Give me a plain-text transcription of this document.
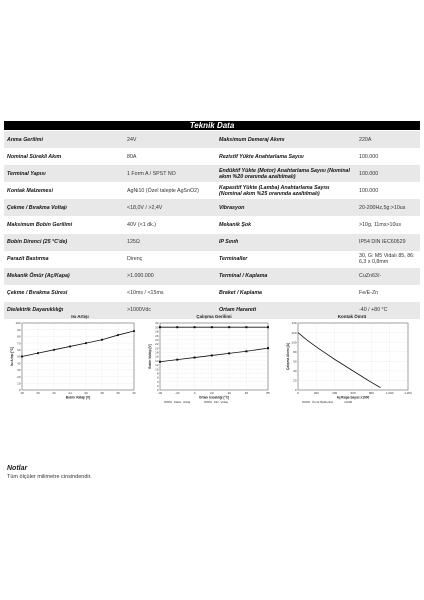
Teknik Data
Anma Gerilimi	24V	Maksimum Demeraj Akımı	220A
Nominal Sürekli Akım	80A	Rezistif Yükte Anahtarlama Sayısı	100.000
Terminal Yapısı	1 Form A / SPST NO	Endüktif Yükte (Motor) Anahtarlama Sayısı (Nominal akım %20 oranında azaltılmalı)	100.000
Kontak Malzemesi	AgNi10 (Özel talepte AgSnO2)	Kapasitif Yükte (Lamba) Anahtarlama Sayısı (Nominal akım %25 oranında azaltılmalı)	100.000
Çekme / Bırakma Voltajı	<18,0V / >2,4V	Vibrasyon	20-200Hz,5g:>10us
Maksimum Bobin Gerilimi	40V (<1 dk.)	Mekanik Şok	>10g, 11ms>10us
Bobin Direnci (25 °C'de)	125Ω	IP Sınıfı	IP54 DIN IEC60529
Parazit Bastırma	Direnç	Terminaller	30, G: M5 Vidalı 85, 86: 6,3 x 0,8mm
Mekanik Ömür (Aç/Kapa)	>1.000.000	Terminal / Kaplama	CuZn63/-
Çekme / Bırakma Süresi	<10ms / <15ms	Braket / Kaplama	Fe/E-Zn
Dielektrik Dayanıklılığı	>1000Vdc	Ortam Harareti	-40 / +80 °C
Isı Artışı
0
10
20
30
40
50
60
70
80
90
100
18	20	22	24	26	28	30	32
Bobin Voltajı [V]
Isı Artışı [°C]
Çalışma Gerilimi
0
2
4
6
8
10
12
14
16
18
20
22
24
26
28
30
32
-40	-20	0	20	40	60	85
Ortam Isıcaklığı [°C]
Bobin Voltajı [V]
Maks. Voltaj	Min. Voltaj
Kontak Ömrü
0
20
40
60
80
100
120
140
0	200	400	600	800	1.000	1.200
Aç/Kapa Sayısı x1000
Çalışma Akımı [A]
Ömür Beklentisi	x1000
Notlar
Tüm ölçüler milimetre cinsindendir.
